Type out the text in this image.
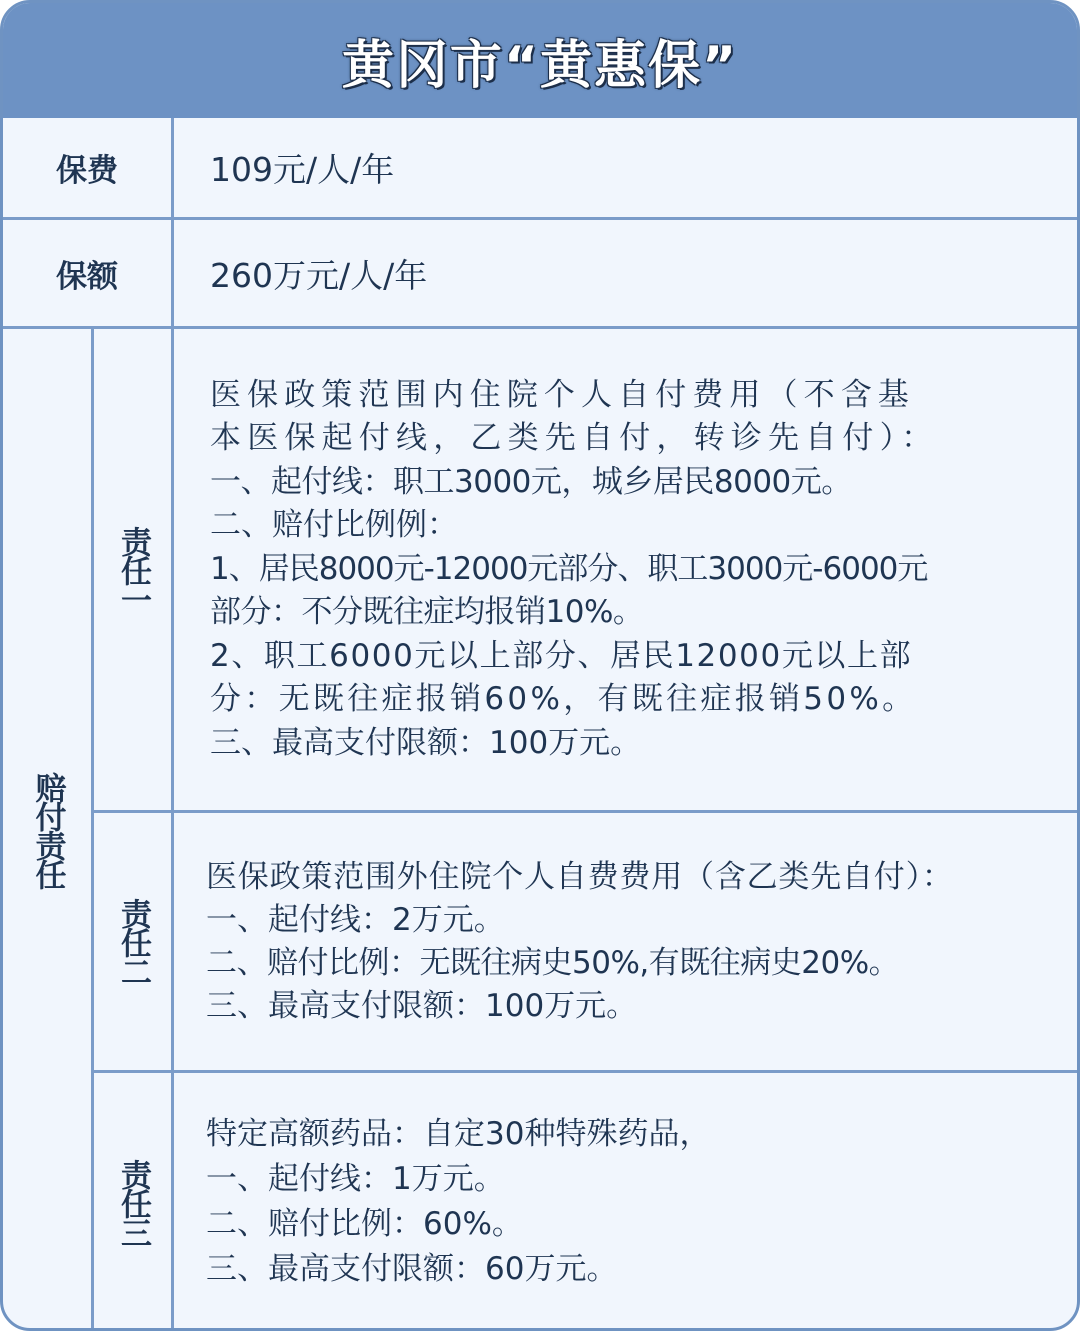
黄冈市“黄惠保”
保费	109元/人/年
保额	260万元/人/年
赔付责任
责任一
医保政策范围内住院个人自付费用（不含基
本医保起付线，乙类先自付，转诊先自付）：
一、起付线：职工3000元，城乡居民8000元。
二、赔付比例例：
1、居民8000元-12000元部分、职工3000元-6000元
部分：不分既往症均报销10%。
2、职工6000元以上部分、居民12000元以上部
分：无既往症报销60%，有既往症报销50%。
三、最高支付限额：100万元。
责任二
医保政策范围外住院个人自费费用（含乙类先自付）：
一、起付线：2万元。
二、赔付比例：无既往病史50%,有既往病史20%。
三、最高支付限额：100万元。
责任三
特定高额药品：自定30种特殊药品，
一、起付线：1万元。
二、赔付比例：60%。
三、最高支付限额：60万元。
